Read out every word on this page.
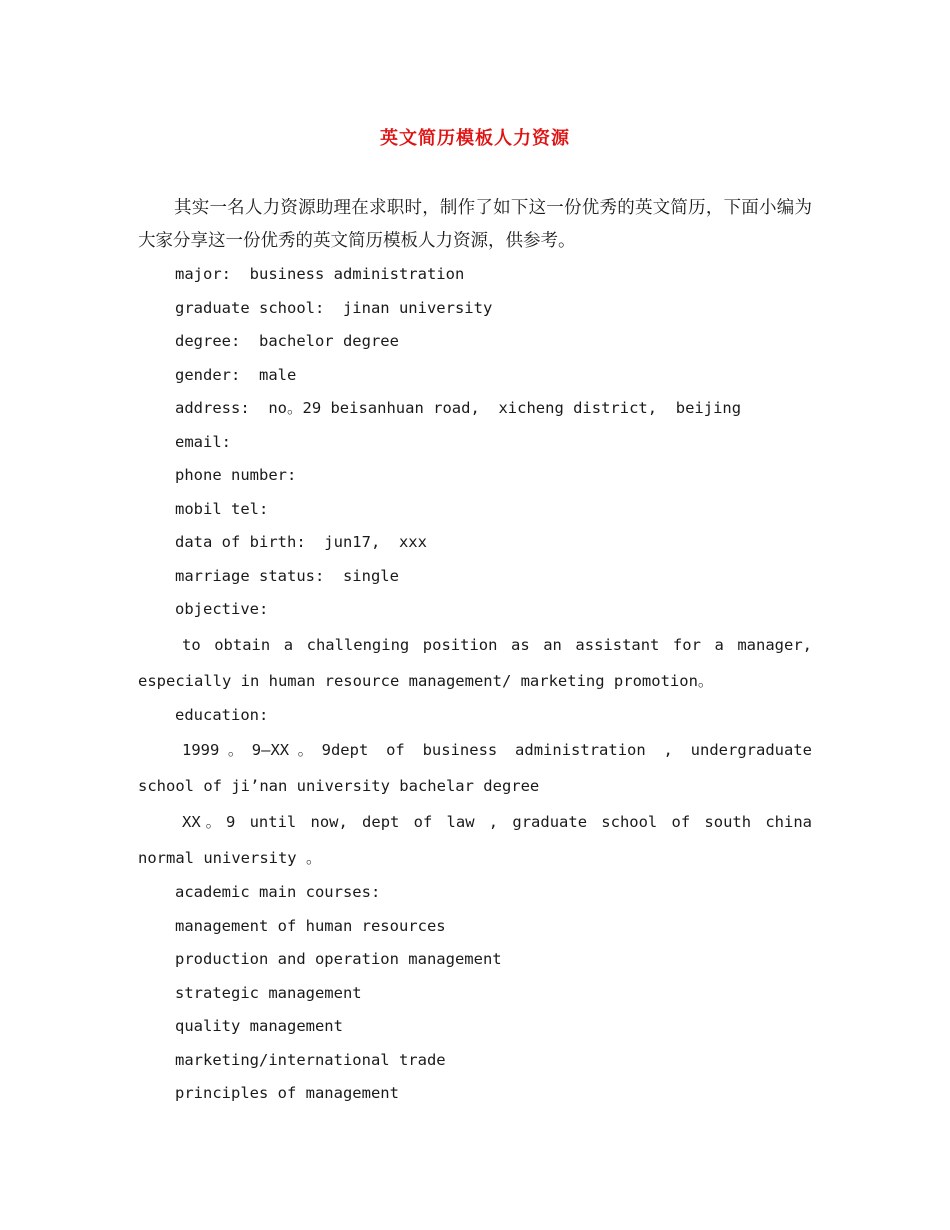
英文简历模板人力资源

其实一名人力资源助理在求职时，制作了如下这一份优秀的英文简历，下面小编为大家分享这一份优秀的英文简历模板人力资源，供参考。

major:  business administration
graduate school:  jinan university
degree:  bachelor degree
gender:  male
address:  no。29 beisanhuan road,  xicheng district,  beijing
email:
phone number:
mobil tel:
data of birth:  jun17,  xxx
marriage status:  single
objective:
to obtain a challenging position as an assistant for a manager,
especially in human resource management/ marketing promotion。
education:
1999。9—XX。9dept of business administration , undergraduate
school of ji’nan university bachelar degree
XX。9 until now, dept of law , graduate school of south china
normal university 。
academic main courses:
management of human resources
production and operation management
strategic management
quality management
marketing/international trade
principles of management
